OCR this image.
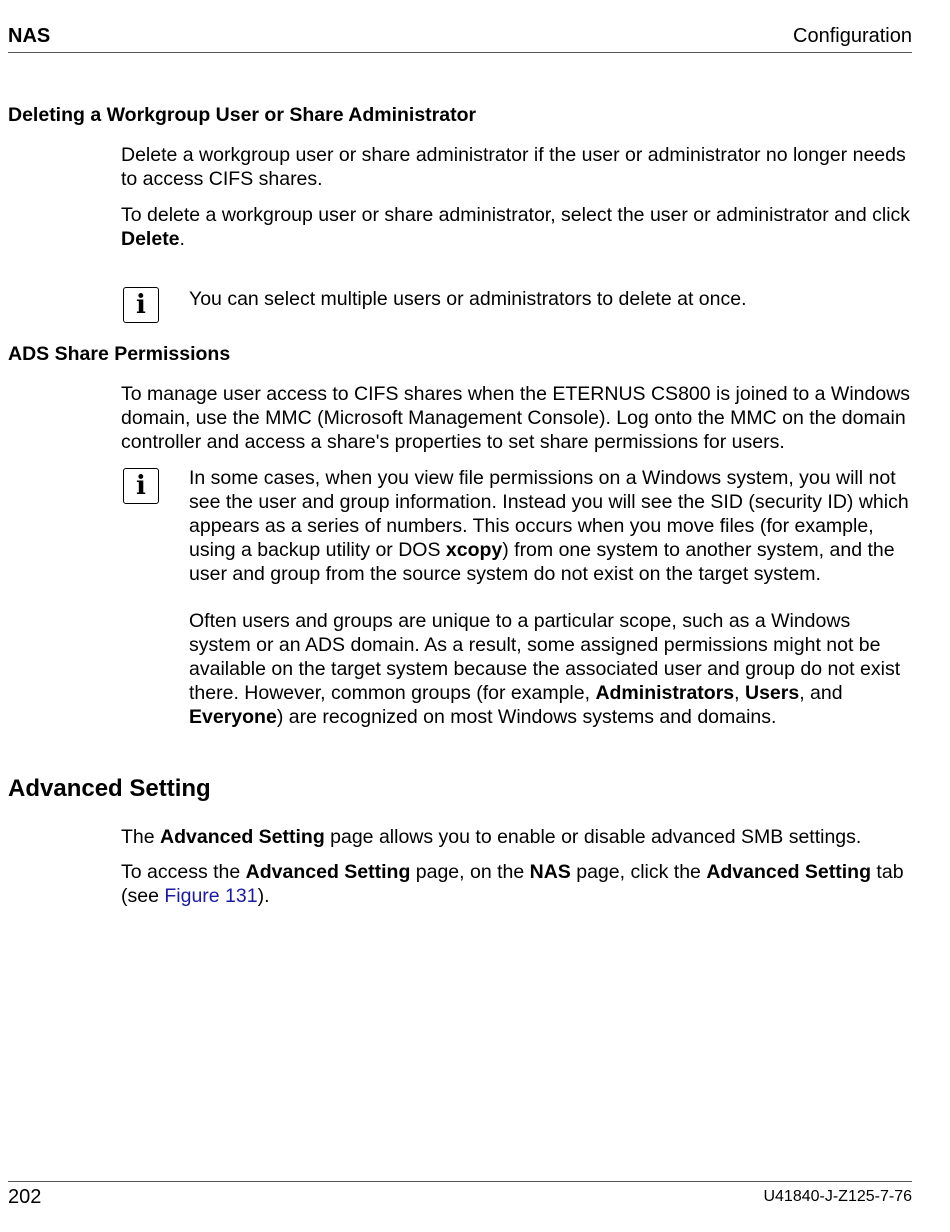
NAS	Configuration
Deleting a Workgroup User or Share Administrator

Delete a workgroup user or share administrator if the user or administrator no longer needs to access CIFS shares.

To delete a workgroup user or share administrator, select the user or administrator and click Delete.

i	You can select multiple users or administrators to delete at once.

ADS Share Permissions

To manage user access to CIFS shares when the ETERNUS CS800 is joined to a Windows domain, use the MMC (Microsoft Management Console). Log onto the MMC on the domain controller and access a share's properties to set share permissions for users.

i	In some cases, when you view file permissions on a Windows system, you will not see the user and group information. Instead you will see the SID (security ID) which appears as a series of numbers. This occurs when you move files (for example, using a backup utility or DOS xcopy) from one system to another system, and the user and group from the source system do not exist on the target system.

Often users and groups are unique to a particular scope, such as a Windows system or an ADS domain. As a result, some assigned permissions might not be available on the target system because the associated user and group do not exist there. However, common groups (for example, Administrators, Users, and Everyone) are recognized on most Windows systems and domains.

Advanced Setting

The Advanced Setting page allows you to enable or disable advanced SMB settings.

To access the Advanced Setting page, on the NAS page, click the Advanced Setting tab (see Figure 131).

202	U41840-J-Z125-7-76
